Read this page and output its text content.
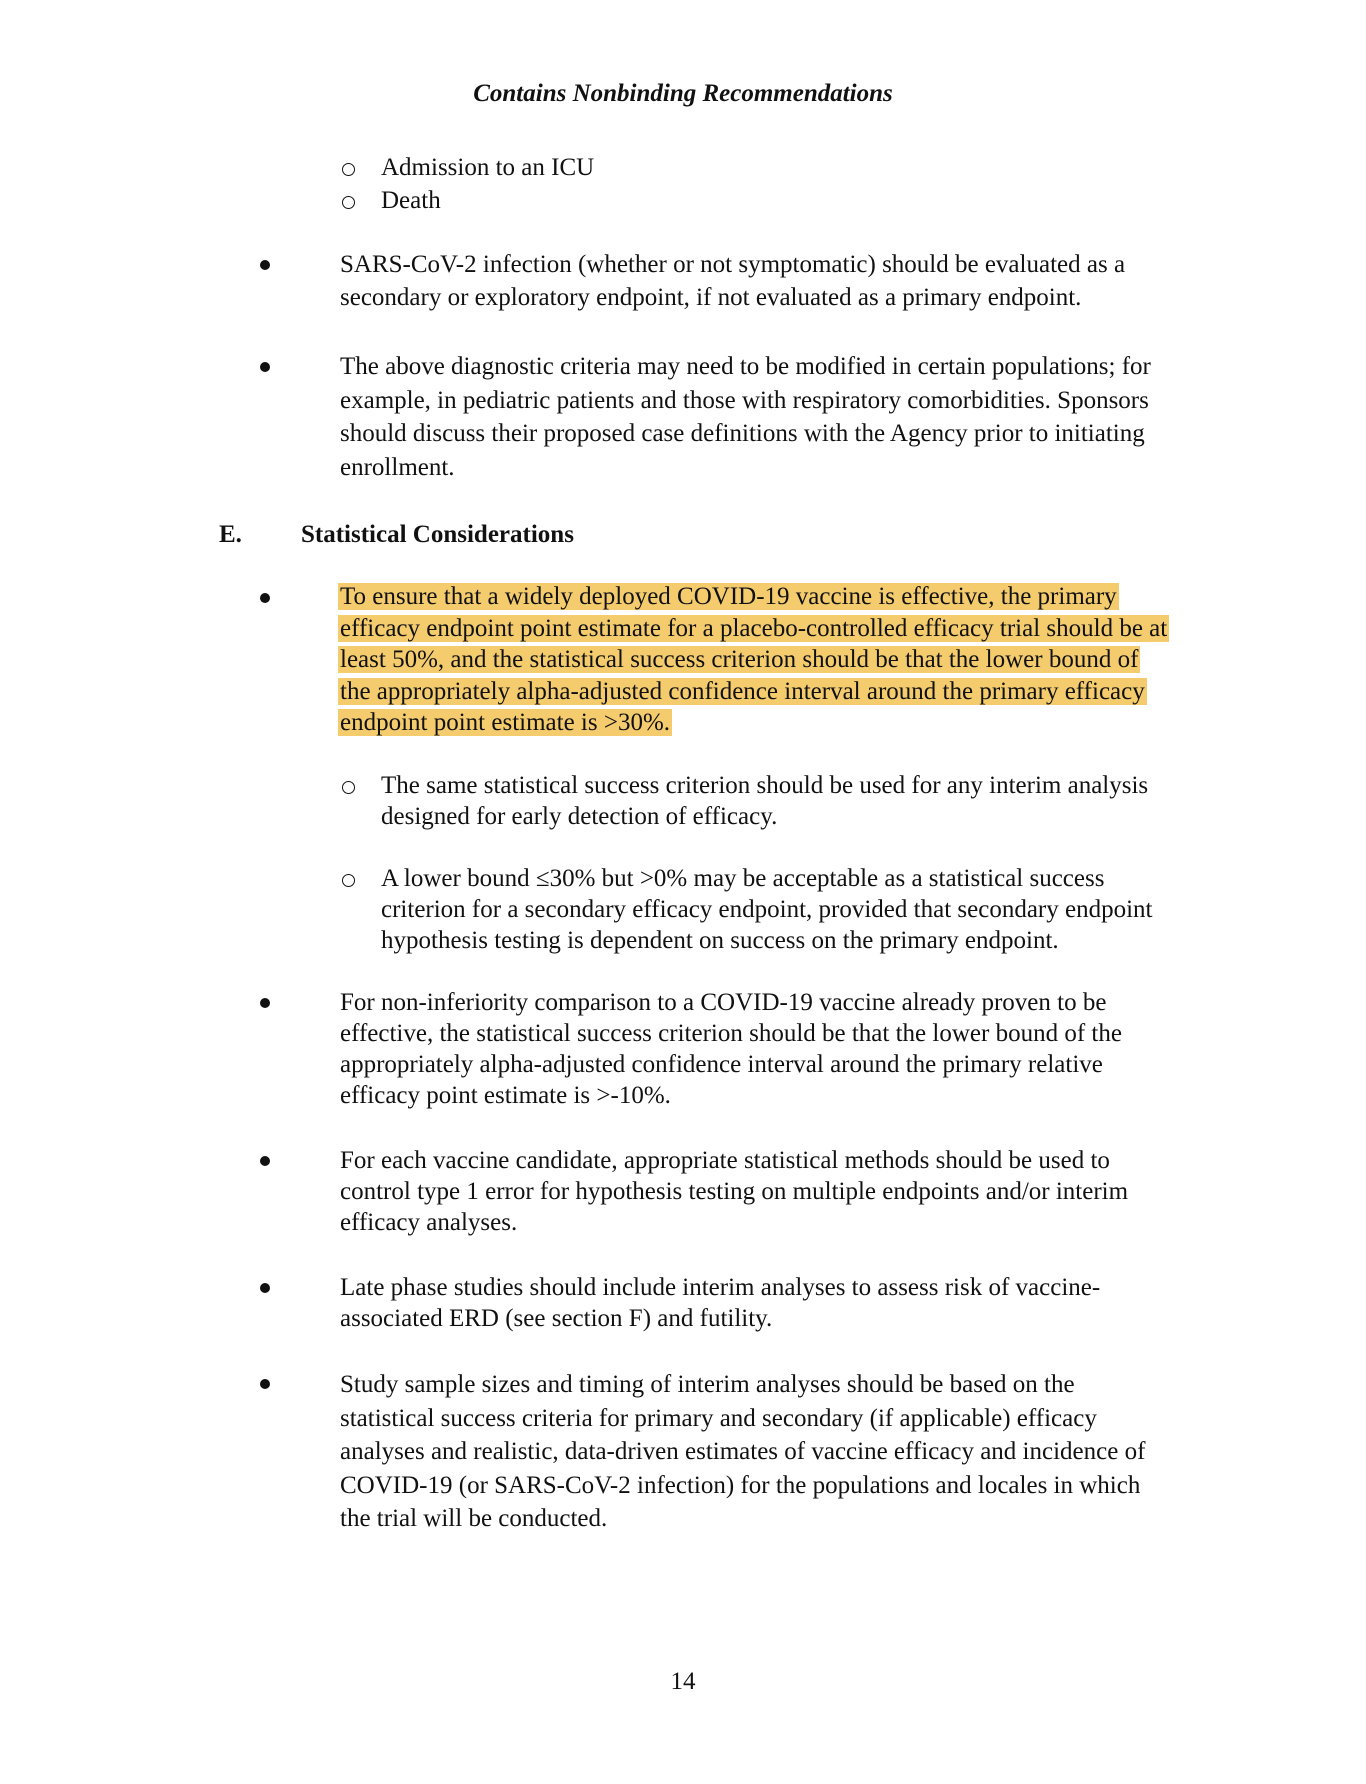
Contains Nonbinding Recommendations
Admission to an ICU
Death
SARS-CoV-2 infection (whether or not symptomatic) should be evaluated as a
secondary or exploratory endpoint, if not evaluated as a primary endpoint.
The above diagnostic criteria may need to be modified in certain populations; for
example, in pediatric patients and those with respiratory comorbidities. Sponsors
should discuss their proposed case definitions with the Agency prior to initiating
enrollment.
E. Statistical Considerations
To ensure that a widely deployed COVID-19 vaccine is effective, the primary
efficacy endpoint point estimate for a placebo-controlled efficacy trial should be at
least 50%, and the statistical success criterion should be that the lower bound of
the appropriately alpha-adjusted confidence interval around the primary efficacy
endpoint point estimate is >30%.
The same statistical success criterion should be used for any interim analysis
designed for early detection of efficacy.
A lower bound ≤30% but >0% may be acceptable as a statistical success
criterion for a secondary efficacy endpoint, provided that secondary endpoint
hypothesis testing is dependent on success on the primary endpoint.
For non-inferiority comparison to a COVID-19 vaccine already proven to be
effective, the statistical success criterion should be that the lower bound of the
appropriately alpha-adjusted confidence interval around the primary relative
efficacy point estimate is >-10%.
For each vaccine candidate, appropriate statistical methods should be used to
control type 1 error for hypothesis testing on multiple endpoints and/or interim
efficacy analyses.
Late phase studies should include interim analyses to assess risk of vaccine-
associated ERD (see section F) and futility.
Study sample sizes and timing of interim analyses should be based on the
statistical success criteria for primary and secondary (if applicable) efficacy
analyses and realistic, data-driven estimates of vaccine efficacy and incidence of
COVID-19 (or SARS-CoV-2 infection) for the populations and locales in which
the trial will be conducted.
14
